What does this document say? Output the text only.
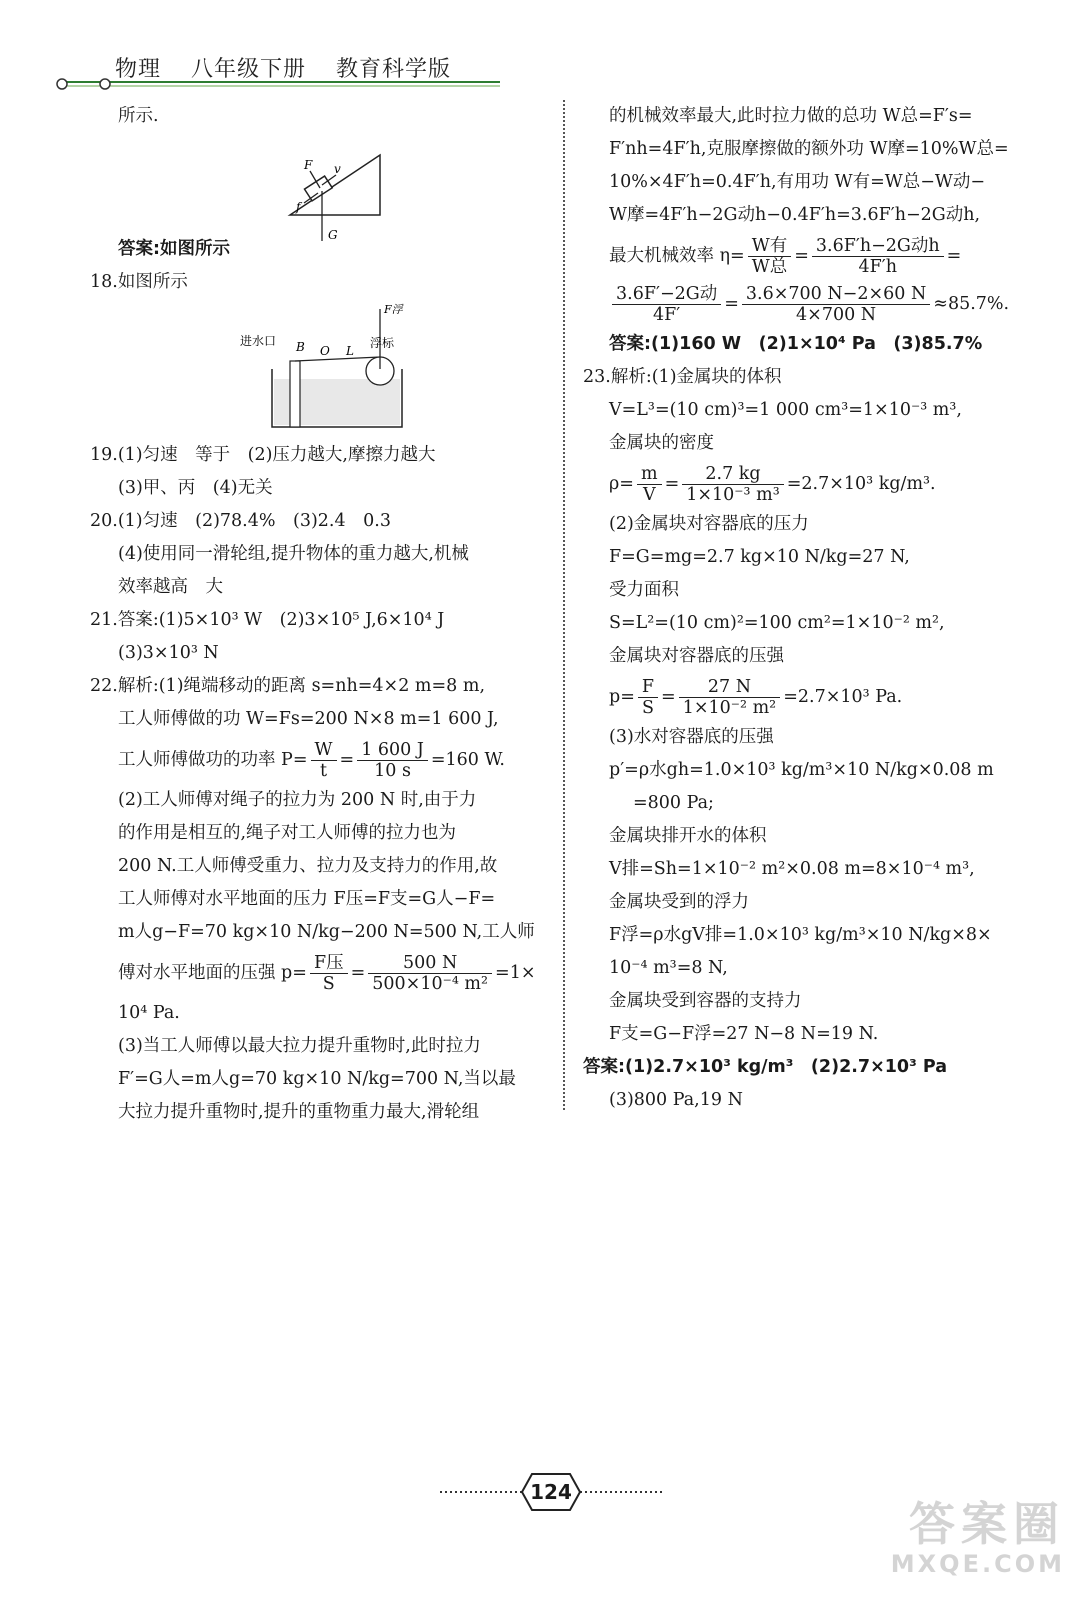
物理 八年级下册 教育科学版
所示.
F v
f
G
答案:如图所示
18.如图所示
进水口 B O L
浮标
F浮
19.(1)匀速　等于　(2)压力越大,摩擦力越大
(3)甲、丙　(4)无关
20.(1)匀速　(2)78.4%　(3)2.4　0.3
(4)使用同一滑轮组,提升物体的重力越大,机械
效率越高　大
21.答案:(1)5×10³ W　(2)3×10⁵ J,6×10⁴ J
(3)3×10³ N
22.解析:(1)绳端移动的距离 s=nh=4×2 m=8 m,
工人师傅做的功 W=Fs=200 N×8 m=1 600 J,
工人师傅做功的功率 $P= \frac{W}{t} = \frac{1 600 J}{10 s} =160$ W.
(2)工人师傅对绳子的拉力为 200 N 时,由于力
的作用是相互的,绳子对工人师傅的拉力也为
200 N.工人师傅受重力、拉力及支持力的作用,故
工人师傅对水平地面的压力 F压=F支=G人−F=
m人g−F=70 kg×10 N/kg−200 N=500 N,工人师
傅对水平地面的压强 $p= \frac{\text{F压}}{S} = \frac{500 N}{\text{500×10⁻⁴ m²}} =1\times$
10⁴ Pa.
(3)当工人师傅以最大拉力提升重物时,此时拉力
F′=G人=m人g=70 kg×10 N/kg=700 N,当以最
大拉力提升重物时,提升的重物重力最大,滑轮组
的机械效率最大,此时拉力做的总功 W总=F′s=
F′nh=4F′h,克服摩擦做的额外功 W摩=10%W总=
10%×4F′h=0.4F′h,有用功 W有=W总−W动−
W摩=4F′h−2G动h−0.4F′h=3.6F′h−2G动h,
最大机械效率 $\eta= \frac{\text{W有}}{\text{W总}} = \frac{\text{3.6F′h−2G动h}}{4F'h}$ =
$\frac{\text{3.6F′−2G动}}{4F'} = \frac{3.6\times 700 N-2\times 60 N}{4\times 700 N} \approx 85.7\%$.
答案:(1)160 W　(2)1×10⁴ Pa　(3)85.7%
23.解析:(1)金属块的体积
V=L³=(10 cm)³=1 000 cm³=1×10⁻³ m³,
金属块的密度
$\rho= \frac{m}{V} = \frac{2.7 kg}{\text{1×10⁻³ m³}} =2.7\times 10^3$ kg/m³.
(2)金属块对容器底的压力
F=G=mg=2.7 kg×10 N/kg=27 N,
受力面积
S=L²=(10 cm)²=100 cm²=1×10⁻² m²,
金属块对容器底的压强
$p= \frac{F}{S} = \frac{27 N}{\text{1×10⁻² m²}} =2.7\times 10^3$ Pa.
(3)水对容器底的压强
p′=ρ水gh=1.0×10³ kg/m³×10 N/kg×0.08 m
=800 Pa;
金属块排开水的体积
V排=Sh=1×10⁻² m²×0.08 m=8×10⁻⁴ m³,
金属块受到的浮力
F浮=ρ水gV排=1.0×10³ kg/m³×10 N/kg×8×
10⁻⁴ m³=8 N,
金属块受到容器的支持力
F支=G−F浮=27 N−8 N=19 N.
答案:(1)2.7×10³ kg/m³　(2)2.7×10³ Pa
(3)800 Pa,19 N
124
答案圈
MXQE.COM
